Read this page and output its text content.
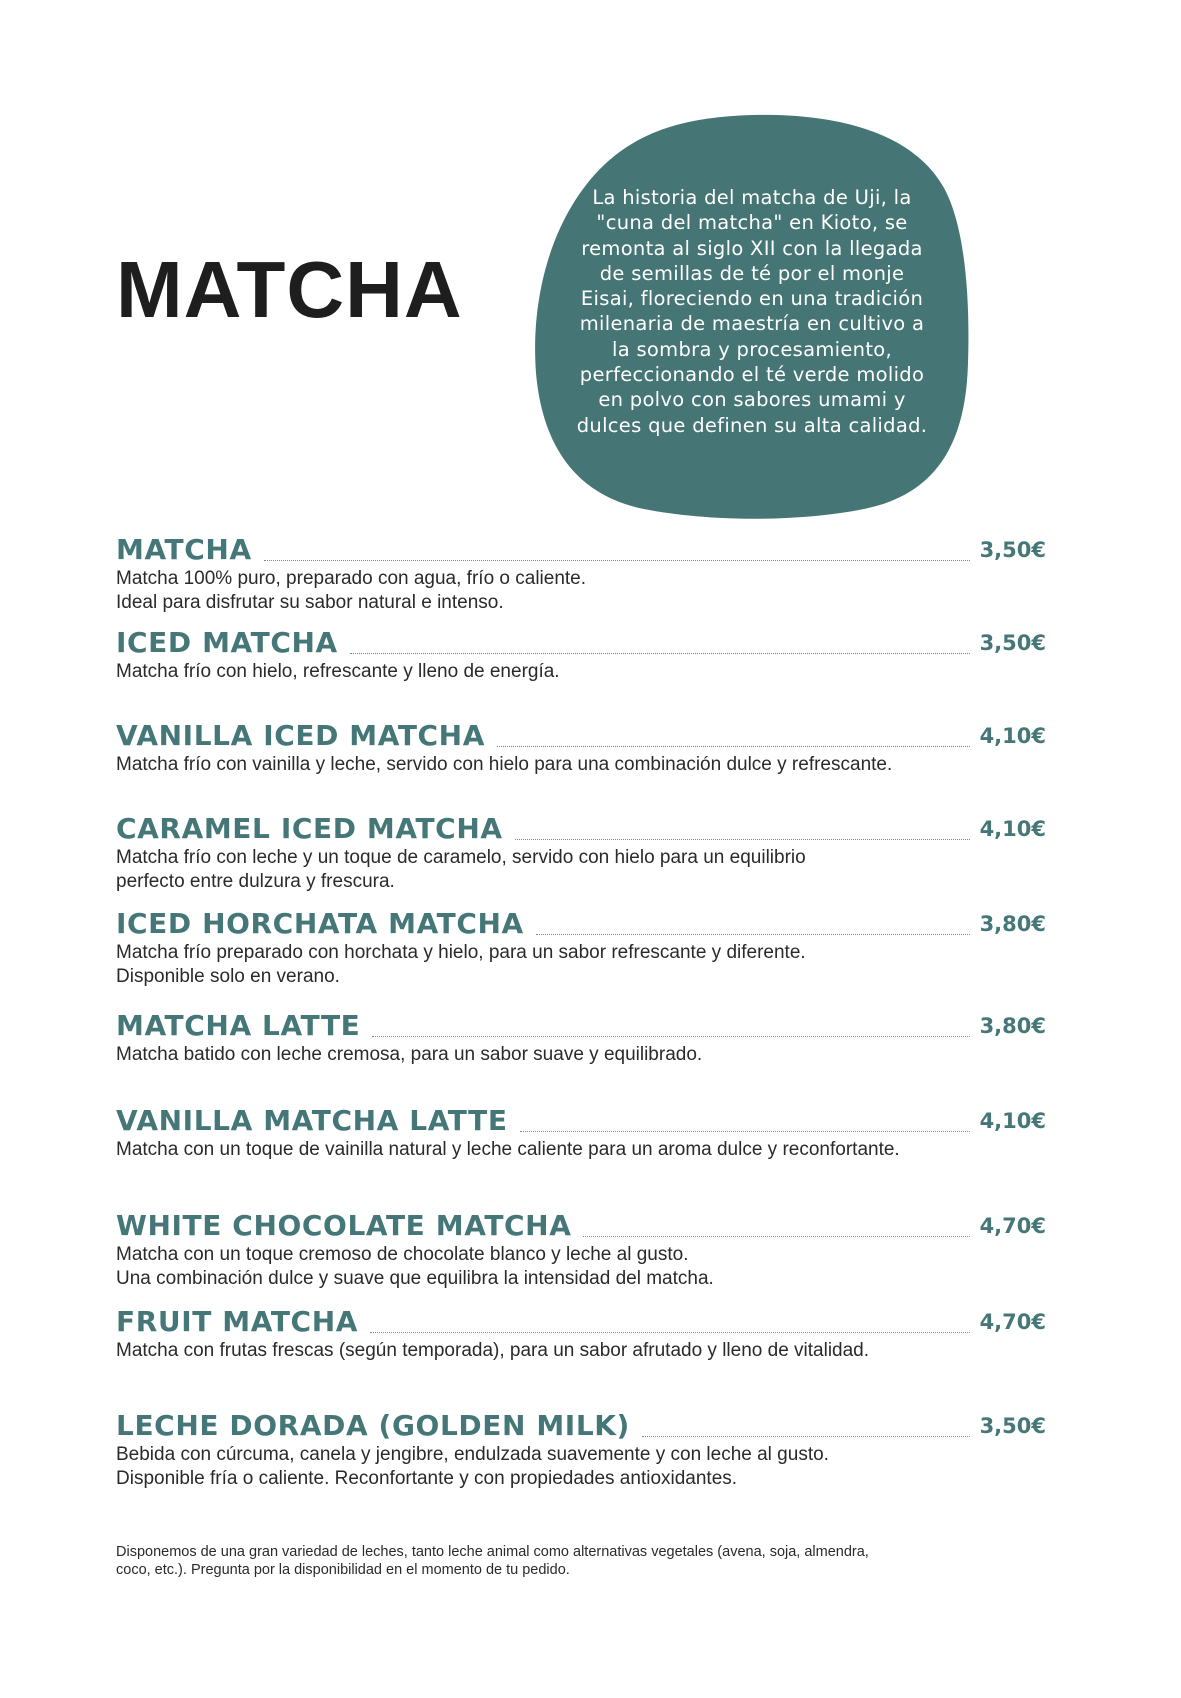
MATCHA
La historia del matcha de Uji, la "cuna del matcha" en Kioto, se remonta al siglo XII con la llegada de semillas de té por el monje Eisai, floreciendo en una tradición milenaria de maestría en cultivo a la sombra y procesamiento, perfeccionando el té verde molido en polvo con sabores umami y dulces que definen su alta calidad.
MATCHA	3,50€
Matcha 100% puro, preparado con agua, frío o caliente.
Ideal para disfrutar su sabor natural e intenso.
ICED MATCHA	3,50€
Matcha frío con hielo, refrescante y lleno de energía.
VANILLA ICED MATCHA	4,10€
Matcha frío con vainilla y leche, servido con hielo para una combinación dulce y refrescante.
CARAMEL ICED MATCHA	4,10€
Matcha frío con leche y un toque de caramelo, servido con hielo para un equilibrio
perfecto entre dulzura y frescura.
ICED HORCHATA MATCHA	3,80€
Matcha frío preparado con horchata y hielo, para un sabor refrescante y diferente.
Disponible solo en verano.
MATCHA LATTE	3,80€
Matcha batido con leche cremosa, para un sabor suave y equilibrado.
VANILLA MATCHA LATTE	4,10€
Matcha con un toque de vainilla natural y leche caliente para un aroma dulce y reconfortante.
WHITE CHOCOLATE MATCHA	4,70€
Matcha con un toque cremoso de chocolate blanco y leche al gusto.
Una combinación dulce y suave que equilibra la intensidad del matcha.
FRUIT MATCHA	4,70€
Matcha con frutas frescas (según temporada), para un sabor afrutado y lleno de vitalidad.
LECHE DORADA (GOLDEN MILK)	3,50€
Bebida con cúrcuma, canela y jengibre, endulzada suavemente y con leche al gusto.
Disponible fría o caliente. Reconfortante y con propiedades antioxidantes.
Disponemos de una gran variedad de leches, tanto leche animal como alternativas vegetales (avena, soja, almendra,
coco, etc.). Pregunta por la disponibilidad en el momento de tu pedido.
